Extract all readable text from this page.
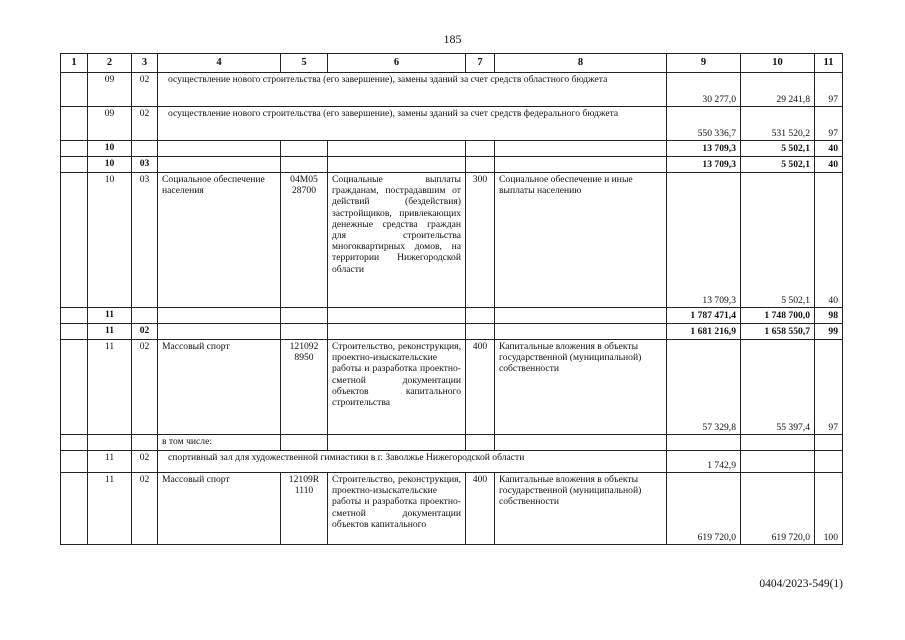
185
1	2	3	4	5	6	7	8	9	10	11
	09	02	осуществление нового строительства (его завершение), замены зданий за счет средств областного бюджета					30 277,0	29 241,8	97
	09	02	осуществление нового строительства (его завершение), замены зданий за счет средств федерального бюджета					550 336,7	531 520,2	97
	10							13 709,3	5 502,1	40
	10	03						13 709,3	5 502,1	40
	10	03	Социальное обеспечение населения	04М05 28700	Социальные выплаты гражданам, пострадавшим от действий (бездействия) застройщиков, привлекающих денежные средства граждан для строительства многоквартирных домов, на территории Нижегородской области	300	Социальное обеспечение и иные выплаты населению	13 709,3	5 502,1	40
	11							1 787 471,4	1 748 700,0	98
	11	02						1 681 216,9	1 658 550,7	99
	11	02	Массовый спорт	121092 8950	Строительство, реконструкция, проектно-изыскательские работы и разработка проектно-сметной документации объектов капитального строительства	400	Капитальные вложения в объекты государственной (муниципальной) собственности	57 329,8	55 397,4	97
			в том числе:							
	11	02	спортивный зал для художественной гимнастики в г. Заволжье Нижегородской области					1 742,9		
	11	02	Массовый спорт	12109R 1110	Строительство, реконструкция, проектно-изыскательские работы и разработка проектно-сметной документации объектов капитального	400	Капитальные вложения в объекты государственной (муниципальной) собственности	619 720,0	619 720,0	100
0404/2023-549(1)
